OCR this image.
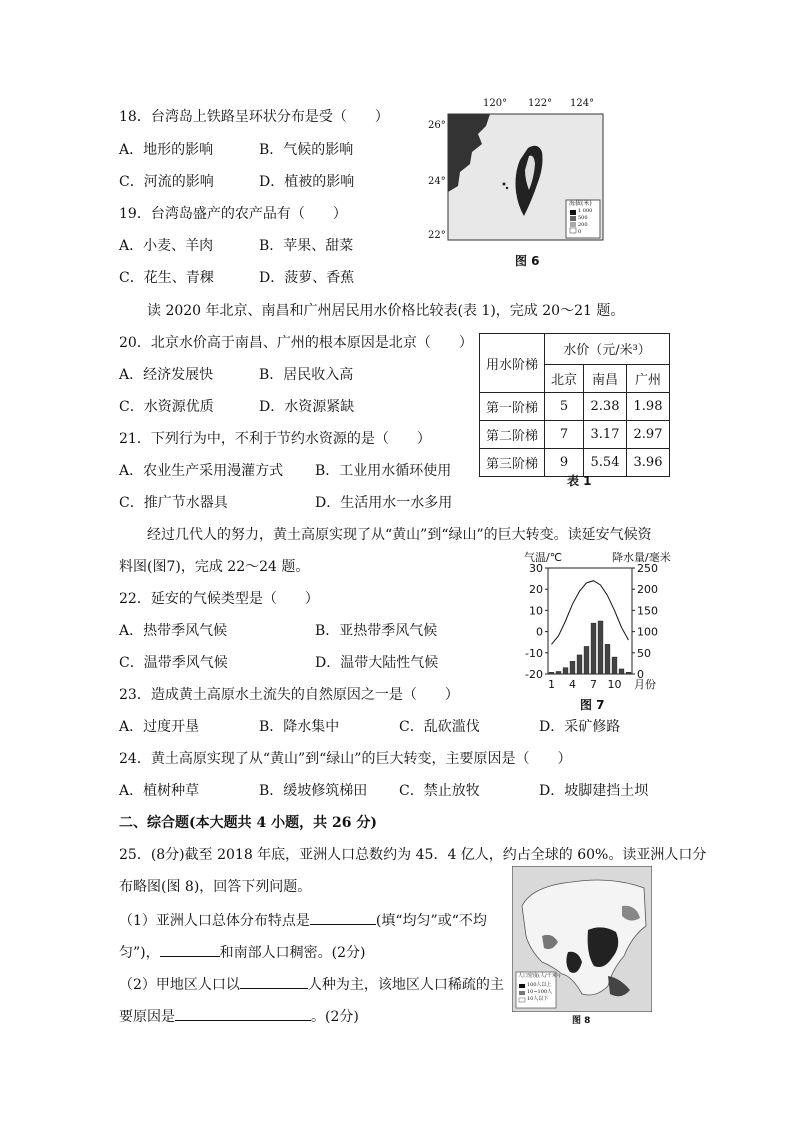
18．台湾岛上铁路呈环状分布是受（　　）
A．地形的影响	B．气候的影响
C．河流的影响	D．植被的影响
19．台湾岛盛产的农产品有（　　）
A．小麦、羊肉	B．苹果、甜菜
C．花生、青稞	D．菠萝、香蕉
120° 122° 124°
26°
24°
22°
海拔(米)
1 000
500
200
0
图 6
读 2020 年北京、南昌和广州居民用水价格比较表(表 1)，完成 20～21 题。
20．北京水价高于南昌、广州的根本原因是北京（　　）
A．经济发展快	B．居民收入高
C．水资源优质	D．水资源紧缺
21．下列行为中，不利于节约水资源的是（　　）
A．农业生产采用漫灌方式 B．工业用水循环使用
C．推广节水器具	D．生活用水一水多用
用水阶梯	水价（元/米³）		
	北京	南昌	广州
第一阶梯	5	2.38	1.98
第二阶梯	7	3.17	2.97
第三阶梯	9	5.54	3.96
表 1
经过几代人的努力，黄土高原实现了从“黄山”到“绿山”的巨大转变。读延安气候资
料图(图7)，完成 22～24 题。
气温/℃	降水量/毫米
30
20
10
0
-10
-20
250
200
150
100
50
0
1 4 7 10 月份
图 7
22．延安的气候类型是（　　）
A．热带季风气候	B．亚热带季风气候
C．温带季风气候	D．温带大陆性气候
23．造成黄土高原水土流失的自然原因之一是（　　）
A．过度开垦	B．降水集中	C．乱砍滥伐	D．采矿修路
24．黄土高原实现了从“黄山”到“绿山”的巨大转变，主要原因是（　　）
A．植树种草	B．缓坡修筑梯田 C．禁止放牧	D．坡脚建挡土坝
二、综合题(本大题共 4 小题，共 26 分)
25．(8分)截至 2018 年底，亚洲人口总数约为 45．4 亿人，约占全球的 60%。读亚洲人口分
布略图(图 8)，回答下列问题。
（1）亚洲人口总体分布特点是	(填“均匀”或“不均
匀”)，	和南部人口稠密。(2分)
（2）甲地区人口以	人种为主，该地区人口稀疏的主
要原因是	。(2分)
人口密度(人/千米²)
100人以上
10~100人
10人以下
图 8
